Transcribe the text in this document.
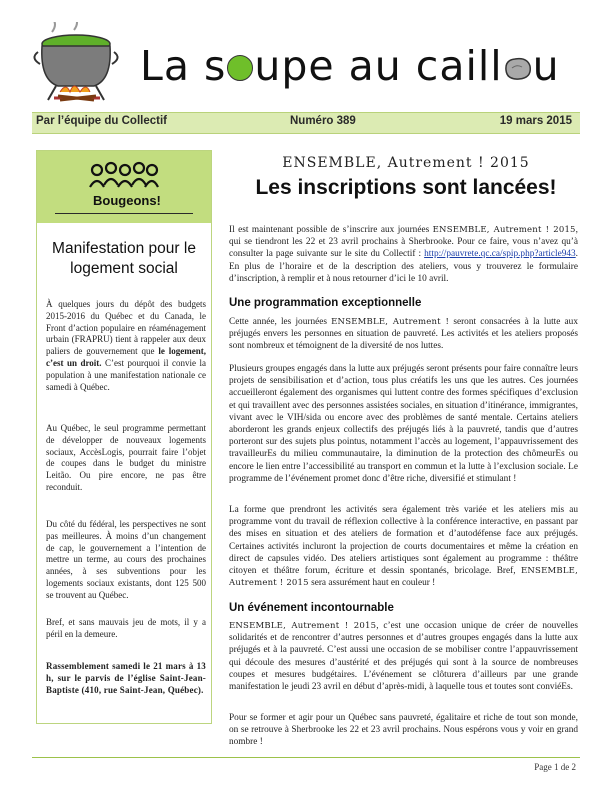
La s upe au caill u
Par l’équipe du Collectif	Numéro 389	19 mars 2015
Bougeons!
Manifestation pour le logement social
À quelques jours du dépôt des budgets 2015-2016 du Québec et du Canada, le Front d’action populaire en réaménagement urbain (FRAPRU) tient à rappeler aux deux paliers de gouvernement que le logement, c’est un droit. C’est pourquoi il convie la population à une manifestation nationale ce samedi à Québec.
Au Québec, le seul programme permettant de développer de nouveaux logements sociaux, AccèsLogis, pourrait faire l’objet de coupes dans le budget du ministre Leitão. Ou pire encore, ne pas être reconduit.
Du côté du fédéral, les perspectives ne sont pas meilleures. À moins d’un changement de cap, le gouvernement a l’intention de mettre un terme, au cours des prochaines années, à ses subventions pour les logements sociaux existants, dont 125 500 se trouvent au Québec.
Bref, et sans mauvais jeu de mots, il y a péril en la demeure.
Rassemblement samedi le 21 mars à 13 h, sur le parvis de l’église Saint-Jean-Baptiste (410, rue Saint-Jean, Québec).
ENSEMBLE, Autrement ! 2015
Les inscriptions sont lancées!
Il est maintenant possible de s’inscrire aux journées ENSEMBLE, Autrement ! 2015, qui se tiendront les 22 et 23 avril prochains à Sherbrooke. Pour ce faire, vous n’avez qu’à consulter la page suivante sur le site du Collectif : http://pauvrete.qc.ca/spip.php?article943. En plus de l’horaire et de la description des ateliers, vous y trouverez le formulaire d’inscription, à remplir et à nous retourner d’ici le 10 avril.
Une programmation exceptionnelle
Cette année, les journées ENSEMBLE, Autrement ! seront consacrées à la lutte aux préjugés envers les personnes en situation de pauvreté. Les activités et les ateliers proposés sont nombreux et témoignent de la diversité de nos luttes.
Plusieurs groupes engagés dans la lutte aux préjugés seront présents pour faire connaître leurs projets de sensibilisation et d’action, tous plus créatifs les uns que les autres. Ces journées accueilleront également des organismes qui luttent contre des formes spécifiques d’exclusion et qui travaillent avec des personnes assistées sociales, en situation d’itinérance, immigrantes, vivant avec le VIH/sida ou encore avec des problèmes de santé mentale. Certains ateliers aborderont les grands enjeux collectifs des préjugés liés à la pauvreté, tandis que d’autres porteront sur des sujets plus pointus, notamment l’accès au logement, l’appauvrissement des travailleurEs du milieu communautaire, la diminution de la protection des chômeurEs ou encore le lien entre l’accessibilité au transport en commun et la lutte à l’exclusion sociale. Le programme de l’événement promet donc d’être riche, diversifié et stimulant !
La forme que prendront les activités sera également très variée et les ateliers mis au programme vont du travail de réflexion collective à la conférence interactive, en passant par des mises en situation et des ateliers de formation et d’autodéfense face aux préjugés. Certaines activités incluront la projection de courts documentaires et même la création en direct de capsules vidéo. Des ateliers artistiques sont également au programme : théâtre citoyen et théâtre forum, écriture et dessin spontanés, bricolage. Bref, ENSEMBLE, Autrement ! 2015 sera assurément haut en couleur !
Un événement incontournable
ENSEMBLE, Autrement ! 2015, c’est une occasion unique de créer de nouvelles solidarités et de rencontrer d’autres personnes et d’autres groupes engagés dans la lutte aux préjugés et à la pauvreté. C’est aussi une occasion de se mobiliser contre l’appauvrissement qui découle des mesures d’austérité et des préjugés qui sont à la source de nombreuses coupes et mesures budgétaires. L’événement se clôturera d’ailleurs par une grande manifestation le jeudi 23 avril en début d’après-midi, à laquelle tous et toutes sont conviéEs.
Pour se former et agir pour un Québec sans pauvreté, égalitaire et riche de tout son monde, on se retrouve à Sherbrooke les 22 et 23 avril prochains. Nous espérons vous y voir en grand nombre !
Page 1 de 2
